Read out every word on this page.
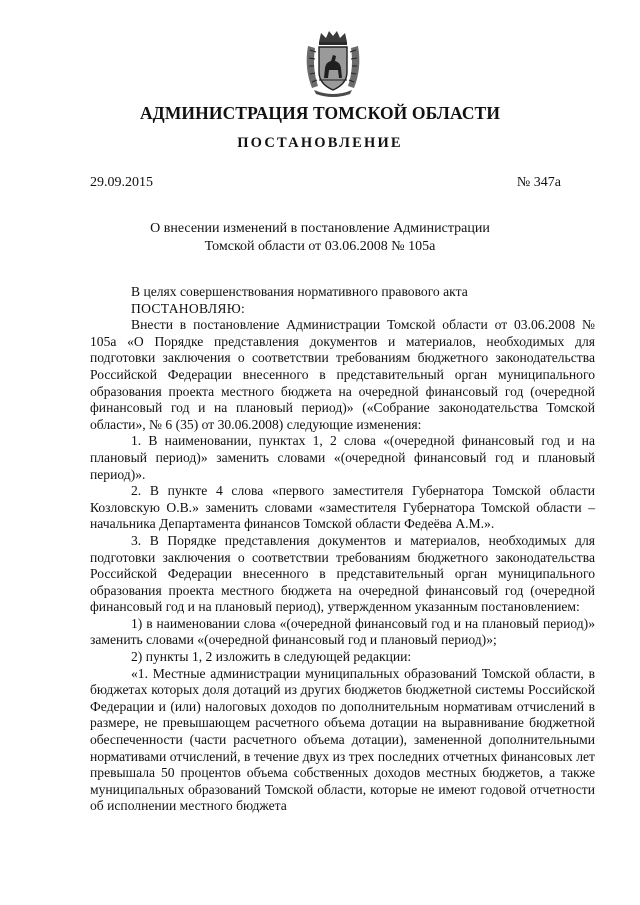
АДМИНИСТРАЦИЯ ТОМСКОЙ ОБЛАСТИ
ПОСТАНОВЛЕНИЕ
29.09.2015	№ 347а
О внесении изменений в постановление Администрации
Томской области от 03.06.2008 № 105а

В целях совершенствования нормативного правового акта

ПОСТАНОВЛЯЮ:

Внести в постановление Администрации Томской области от 03.06.2008 № 105а «О Порядке представления документов и материалов, необходимых для подготовки заключения о соответствии требованиям бюджетного законодательства Российской Федерации внесенного в представительный орган муниципального образования проекта местного бюджета на очередной финансовый год (очередной финансовый год и на плановый период)» («Собрание законодательства Томской области», № 6 (35) от 30.06.2008) следующие изменения:

1. В наименовании, пунктах 1, 2 слова «(очередной финансовый год и на плановый период)» заменить словами «(очередной финансовый год и плановый период)».

2. В пункте 4 слова «первого заместителя Губернатора Томской области Козловскую О.В.» заменить словами «заместителя Губернатора Томской области – начальника Департамента финансов Томской области Федеёва А.М.».

3. В Порядке представления документов и материалов, необходимых для подготовки заключения о соответствии требованиям бюджетного законодательства Российской Федерации внесенного в представительный орган муниципального образования проекта местного бюджета на очередной финансовый год (очередной финансовый год и на плановый период), утвержденном указанным постановлением:

1) в наименовании слова «(очередной финансовый год и на плановый период)» заменить словами «(очередной финансовый год и плановый период)»;

2) пункты 1, 2 изложить в следующей редакции:

«1. Местные администрации муниципальных образований Томской области, в бюджетах которых доля дотаций из других бюджетов бюджетной системы Российской Федерации и (или) налоговых доходов по дополнительным нормативам отчислений в размере, не превышающем расчетного объема дотации на выравнивание бюджетной обеспеченности (части расчетного объема дотации), замененной дополнительными нормативами отчислений, в течение двух из трех последних отчетных финансовых лет превышала 50 процентов объема собственных доходов местных бюджетов, а также муниципальных образований Томской области, которые не имеют годовой отчетности об исполнении местного бюджета
